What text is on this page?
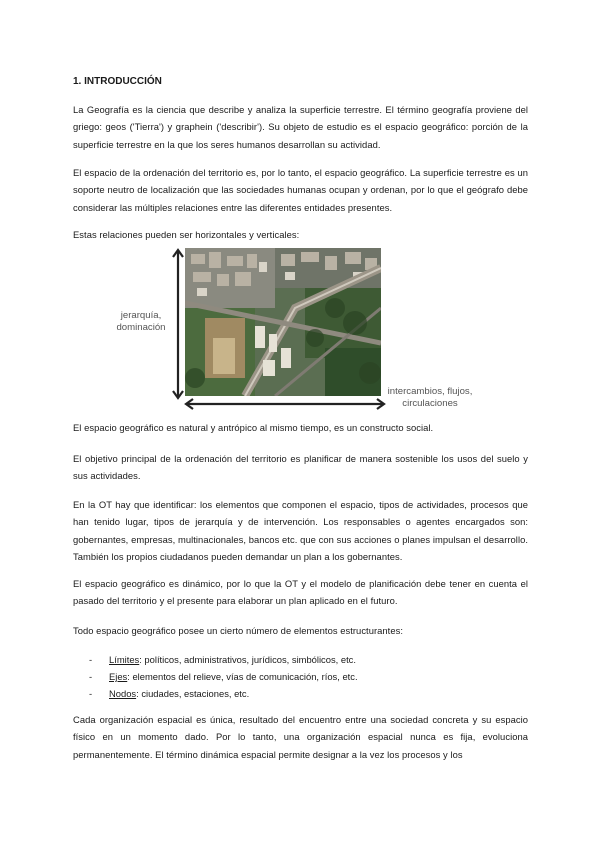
1. INTRODUCCIÓN

La Geografía es la ciencia que describe y analiza la superficie terrestre. El término geografía proviene del griego: geos ('Tierra') y graphein ('describir'). Su objeto de estudio es el espacio geográfico: porción de la superficie terrestre en la que los seres humanos desarrollan su actividad.

El espacio de la ordenación del territorio es, por lo tanto, el espacio geográfico. La superficie terrestre es un soporte neutro de localización que las sociedades humanas ocupan y ordenan, por lo que el geógrafo debe considerar las múltiples relaciones entre las diferentes entidades presentes.

Estas relaciones pueden ser horizontales y verticales:

jerarquía, dominación
intercambios, flujos, circulaciones

El espacio geográfico es natural y antrópico al mismo tiempo, es un constructo social.

El objetivo principal de la ordenación del territorio es planificar de manera sostenible los usos del suelo y sus actividades.

En la OT hay que identificar: los elementos que componen el espacio, tipos de actividades, procesos que han tenido lugar, tipos de jerarquía y de intervención. Los responsables o agentes encargados son: gobernantes, empresas, multinacionales, bancos etc. que con sus acciones o planes impulsan el desarrollo. También los propios ciudadanos pueden demandar un plan a los gobernantes.

El espacio geográfico es dinámico, por lo que la OT y el modelo de planificación debe tener en cuenta el pasado del territorio y el presente para elaborar un plan aplicado en el futuro.

Todo espacio geográfico posee un cierto número de elementos estructurantes:

- Límites: políticos, administrativos, jurídicos, simbólicos, etc.
- Ejes: elementos del relieve, vías de comunicación, ríos, etc.
- Nodos: ciudades, estaciones, etc.

Cada organización espacial es única, resultado del encuentro entre una sociedad concreta y su espacio físico en un momento dado. Por lo tanto, una organización espacial nunca es fija, evoluciona permanentemente. El término dinámica espacial permite designar a la vez los procesos y los
